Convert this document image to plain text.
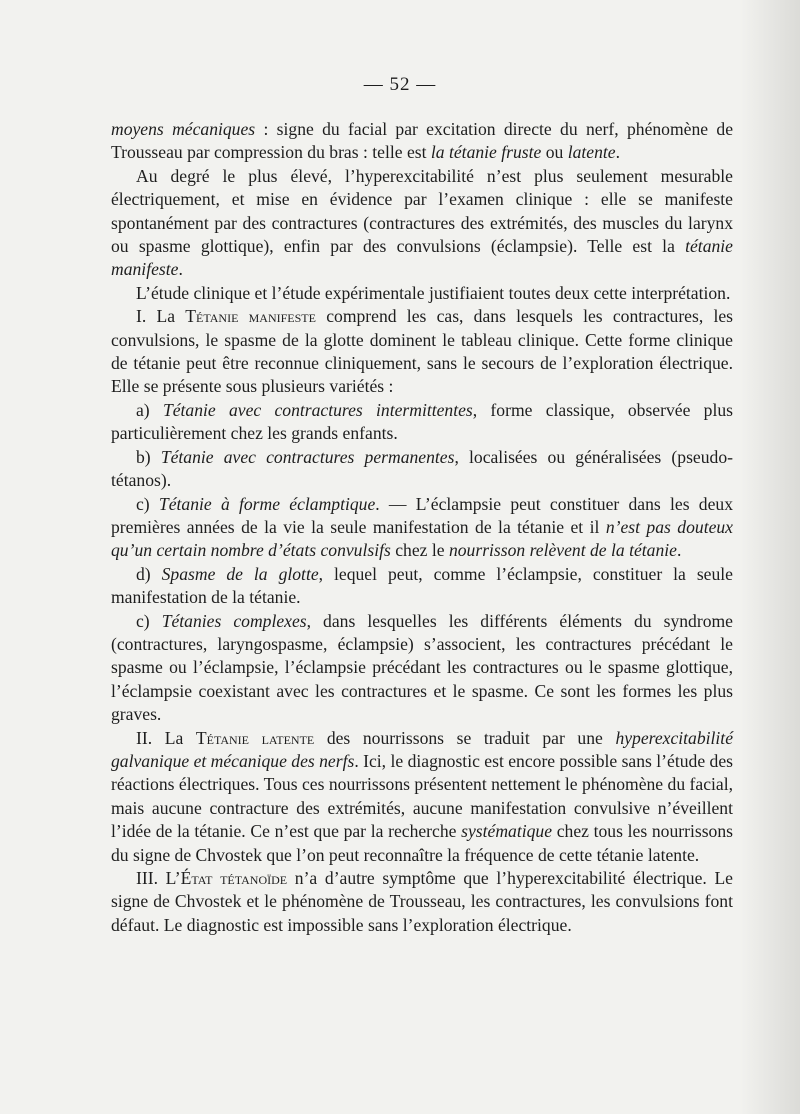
— 52 —

moyens mécaniques : signe du facial par excitation directe du nerf, phénomène de Trousseau par compression du bras : telle est la tétanie fruste ou latente.

Au degré le plus élevé, l’hyperexcitabilité n’est plus seulement mesurable électriquement, et mise en évidence par l’examen clinique : elle se manifeste spontanément par des contractures (contractures des extrémités, des muscles du larynx ou spasme glottique), enfin par des convulsions (éclampsie). Telle est la tétanie manifeste.

L’étude clinique et l’étude expérimentale justifiaient toutes deux cette interprétation.

I. La Tétanie manifeste comprend les cas, dans lesquels les contractures, les convulsions, le spasme de la glotte dominent le tableau clinique. Cette forme clinique de tétanie peut être reconnue cliniquement, sans le secours de l’exploration électrique. Elle se présente sous plusieurs variétés :

a) Tétanie avec contractures intermittentes, forme classique, observée plus particulièrement chez les grands enfants.

b) Tétanie avec contractures permanentes, localisées ou généralisées (pseudo-tétanos).

c) Tétanie à forme éclamptique. — L’éclampsie peut constituer dans les deux premières années de la vie la seule manifestation de la tétanie et il n’est pas douteux qu’un certain nombre d’états convulsifs chez le nourrisson relèvent de la tétanie.

d) Spasme de la glotte, lequel peut, comme l’éclampsie, constituer la seule manifestation de la tétanie.

c) Tétanies complexes, dans lesquelles les différents éléments du syndrome (contractures, laryngospasme, éclampsie) s’associent, les contractures précédant le spasme ou l’éclampsie, l’éclampsie précédant les contractures ou le spasme glottique, l’éclampsie coexistant avec les contractures et le spasme. Ce sont les formes les plus graves.

II. La Tétanie latente des nourrissons se traduit par une hyperexcitabilité galvanique et mécanique des nerfs. Ici, le diagnostic est encore possible sans l’étude des réactions électriques. Tous ces nourrissons présentent nettement le phénomène du facial, mais aucune contracture des extrémités, aucune manifestation convulsive n’éveillent l’idée de la tétanie. Ce n’est que par la recherche systématique chez tous les nourrissons du signe de Chvostek que l’on peut reconnaître la fréquence de cette tétanie latente.

III. L’État tétanoïde n’a d’autre symptôme que l’hyperexcitabilité électrique. Le signe de Chvostek et le phénomène de Trousseau, les contractures, les convulsions font défaut. Le diagnostic est impossible sans l’exploration électrique.
